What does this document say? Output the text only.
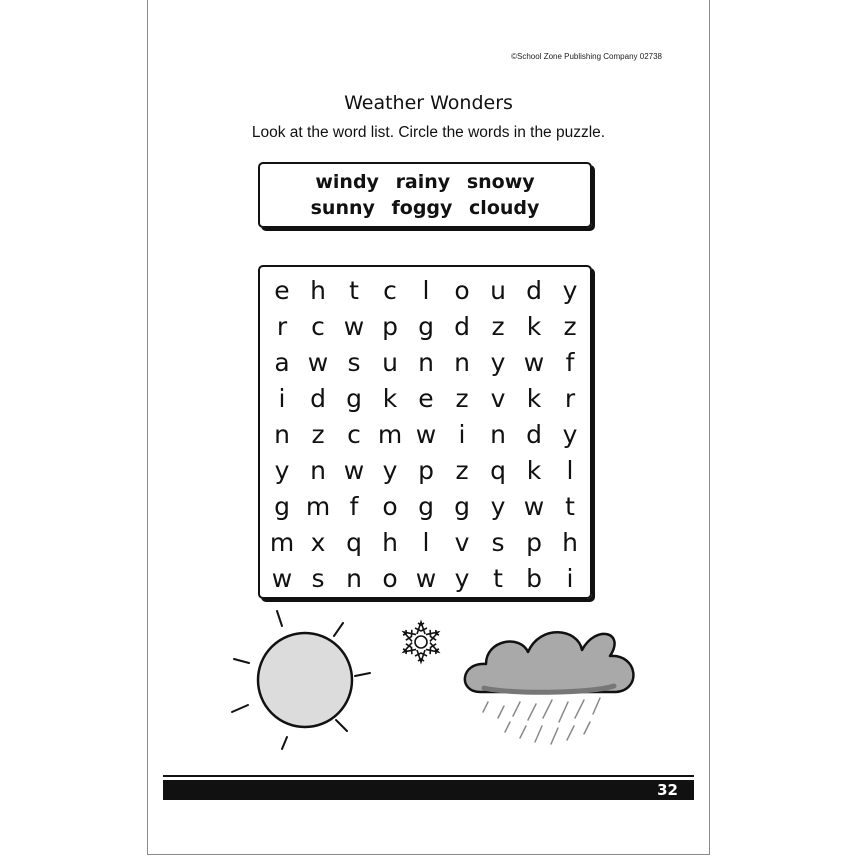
©School Zone Publishing Company 02738
Weather Wonders
Look at the word list. Circle the words in the puzzle.
windy rainy snowy
sunny foggy cloudy
e h t c	l o u d y
r c w p g d z k z
a w s u n n y w f
i d g k e z v k r
n z c m w i n d y
y n w y p z q k	l
g m f o g g y w t
m x q h l	v s p h
w s n o w y t b i
32
